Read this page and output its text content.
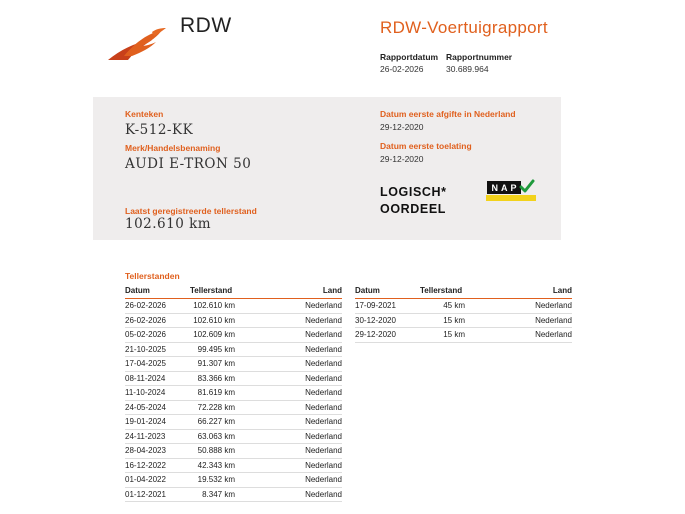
RDW	RDW-Voertuigrapport
Rapportdatum
26-02-2026
Rapportnummer
30.689.964
Kenteken
K-512-KK
Merk/Handelsbenaming
AUDI E-TRON 50
Laatst geregistreerde tellerstand
102.610 km
Datum eerste afgifte in Nederland
29-12-2020
Datum eerste toelating
29-12-2020
LOGISCH*
OORDEEL
NAP
Tellerstanden
Datum	Tellerstand	Land
26-02-2026	102.610 km	Nederland
26-02-2026	102.610 km	Nederland
05-02-2026	102.609 km	Nederland
21-10-2025	99.495 km	Nederland
17-04-2025	91.307 km	Nederland
08-11-2024	83.366 km	Nederland
11-10-2024	81.619 km	Nederland
24-05-2024	72.228 km	Nederland
19-01-2024	66.227 km	Nederland
24-11-2023	63.063 km	Nederland
28-04-2023	50.888 km	Nederland
16-12-2022	42.343 km	Nederland
01-04-2022	19.532 km	Nederland
01-12-2021	8.347 km	Nederland
Datum	Tellerstand	Land
17-09-2021	45 km	Nederland
30-12-2020	15 km	Nederland
29-12-2020	15 km	Nederland
